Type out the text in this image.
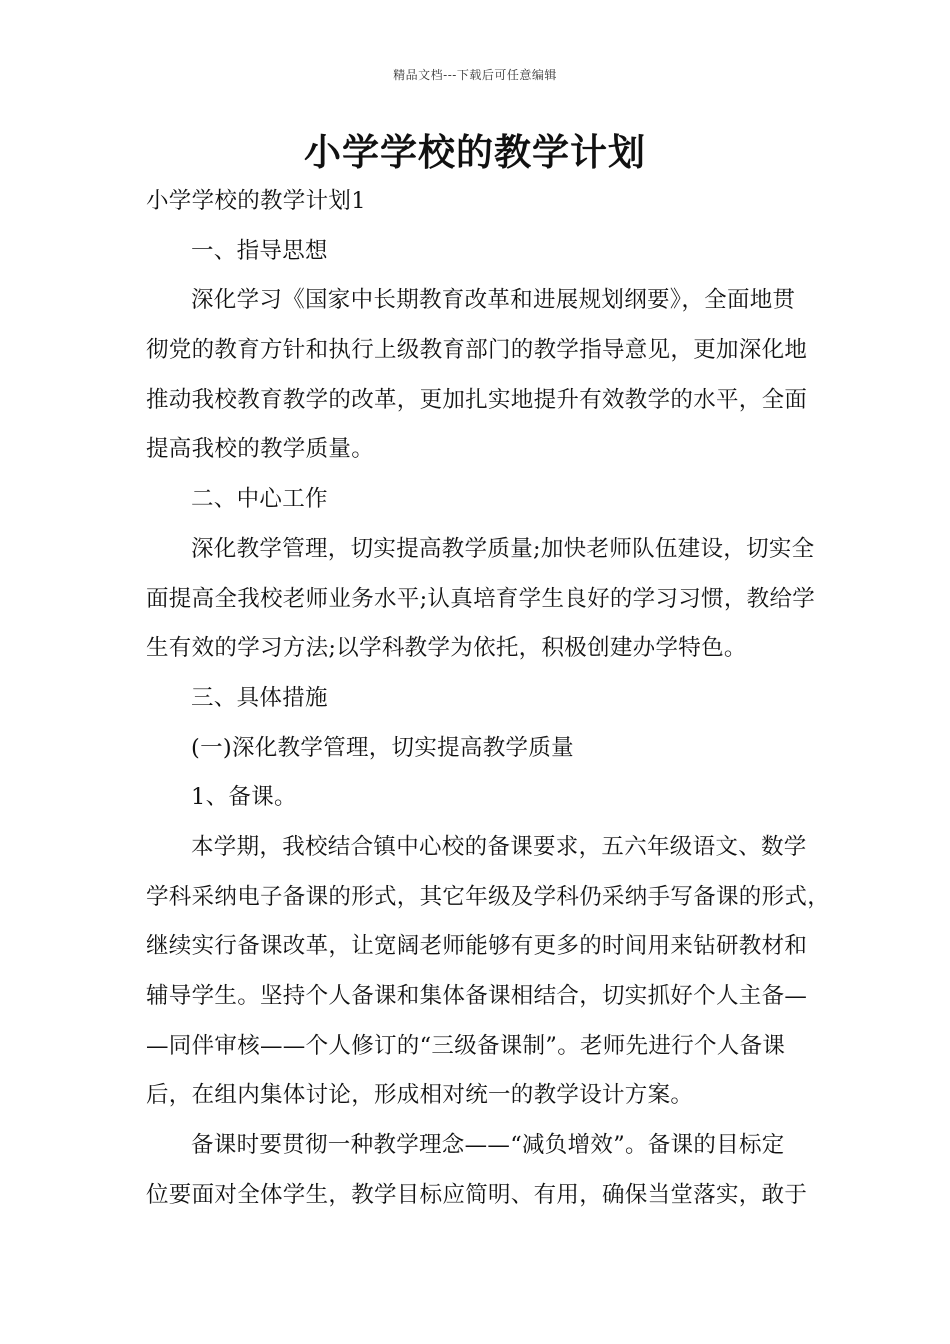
精品文档---下载后可任意编辑
小学学校的教学计划
小学学校的教学计划1
一、指导思想
深化学习《国家中长期教育改革和进展规划纲要》，全面地贯
彻党的教育方针和执行上级教育部门的教学指导意见，更加深化地
推动我校教育教学的改革，更加扎实地提升有效教学的水平，全面
提高我校的教学质量。
二、中心工作
深化教学管理，切实提高教学质量;加快老师队伍建设，切实全
面提高全我校老师业务水平;认真培育学生良好的学习习惯，教给学
生有效的学习方法;以学科教学为依托，积极创建办学特色。
三、具体措施
(一)深化教学管理，切实提高教学质量
1、备课。
本学期，我校结合镇中心校的备课要求，五六年级语文、数学
学科采纳电子备课的形式，其它年级及学科仍采纳手写备课的形式，
继续实行备课改革，让宽阔老师能够有更多的时间用来钻研教材和
辅导学生。坚持个人备课和集体备课相结合，切实抓好个人主备—
—同伴审核——个人修订的“三级备课制”。老师先进行个人备课
后，在组内集体讨论，形成相对统一的教学设计方案。
备课时要贯彻一种教学理念——“减负增效”。备课的目标定
位要面对全体学生，教学目标应简明、有用，确保当堂落实，敢于
